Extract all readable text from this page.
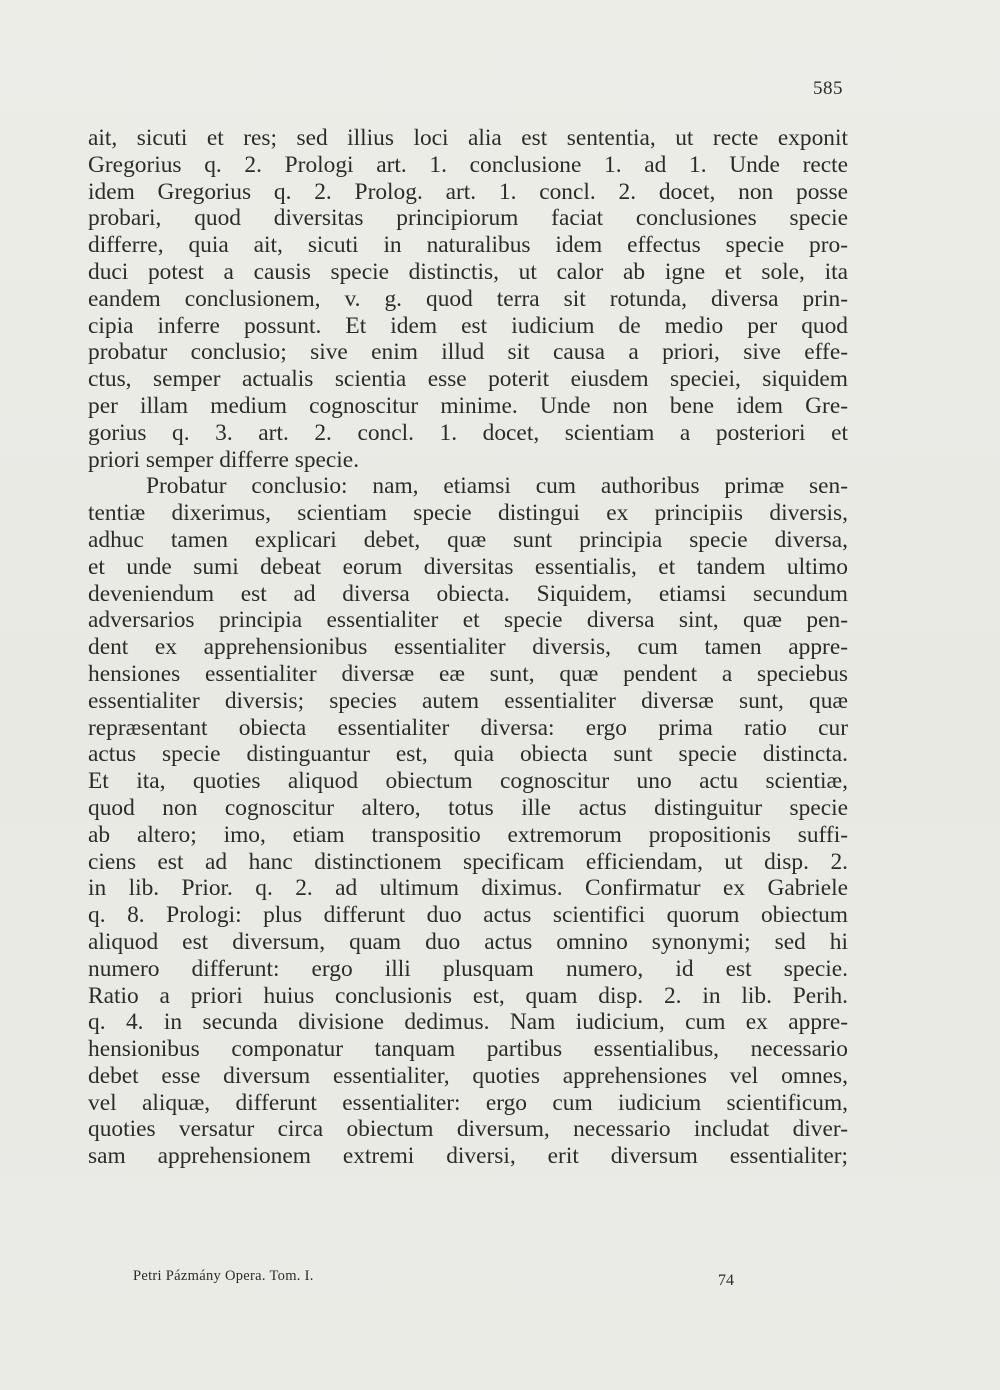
585
ait, sicuti et res; sed illius loci alia est sententia, ut recte exponit
Gregorius q. 2. Prologi art. 1. conclusione 1. ad 1. Unde recte
idem Gregorius q. 2. Prolog. art. 1. concl. 2. docet, non posse
probari, quod diversitas principiorum faciat conclusiones specie
differre, quia ait, sicuti in naturalibus idem effectus specie pro-
duci potest a causis specie distinctis, ut calor ab igne et sole, ita
eandem conclusionem, v. g. quod terra sit rotunda, diversa prin-
cipia inferre possunt. Et idem est iudicium de medio per quod
probatur conclusio; sive enim illud sit causa a priori, sive effe-
ctus, semper actualis scientia esse poterit eiusdem speciei, siquidem
per illam medium cognoscitur minime. Unde non bene idem Gre-
gorius q. 3. art. 2. concl. 1. docet, scientiam a posteriori et
priori semper differre specie.
Probatur conclusio: nam, etiamsi cum authoribus primæ sen-
tentiæ dixerimus, scientiam specie distingui ex principiis diversis,
adhuc tamen explicari debet, quæ sunt principia specie diversa,
et unde sumi debeat eorum diversitas essentialis, et tandem ultimo
deveniendum est ad diversa obiecta. Siquidem, etiamsi secundum
adversarios principia essentialiter et specie diversa sint, quæ pen-
dent ex apprehensionibus essentialiter diversis, cum tamen appre-
hensiones essentialiter diversæ eæ sunt, quæ pendent a speciebus
essentialiter diversis; species autem essentialiter diversæ sunt, quæ
repræsentant obiecta essentialiter diversa: ergo prima ratio cur
actus specie distinguantur est, quia obiecta sunt specie distincta.
Et ita, quoties aliquod obiectum cognoscitur uno actu scientiæ,
quod non cognoscitur altero, totus ille actus distinguitur specie
ab altero; imo, etiam transpositio extremorum propositionis suffi-
ciens est ad hanc distinctionem specificam efficiendam, ut disp. 2.
in lib. Prior. q. 2. ad ultimum diximus. Confirmatur ex Gabriele
q. 8. Prologi: plus differunt duo actus scientifici quorum obiectum
aliquod est diversum, quam duo actus omnino synonymi; sed hi
numero differunt: ergo illi plusquam numero, id est specie.
Ratio a priori huius conclusionis est, quam disp. 2. in lib. Perih.
q. 4. in secunda divisione dedimus. Nam iudicium, cum ex appre-
hensionibus componatur tanquam partibus essentialibus, necessario
debet esse diversum essentialiter, quoties apprehensiones vel omnes,
vel aliquæ, differunt essentialiter: ergo cum iudicium scientificum,
quoties versatur circa obiectum diversum, necessario includat diver-
sam apprehensionem extremi diversi, erit diversum essentialiter;
Petri Pázmány Opera. Tom. I.	74
